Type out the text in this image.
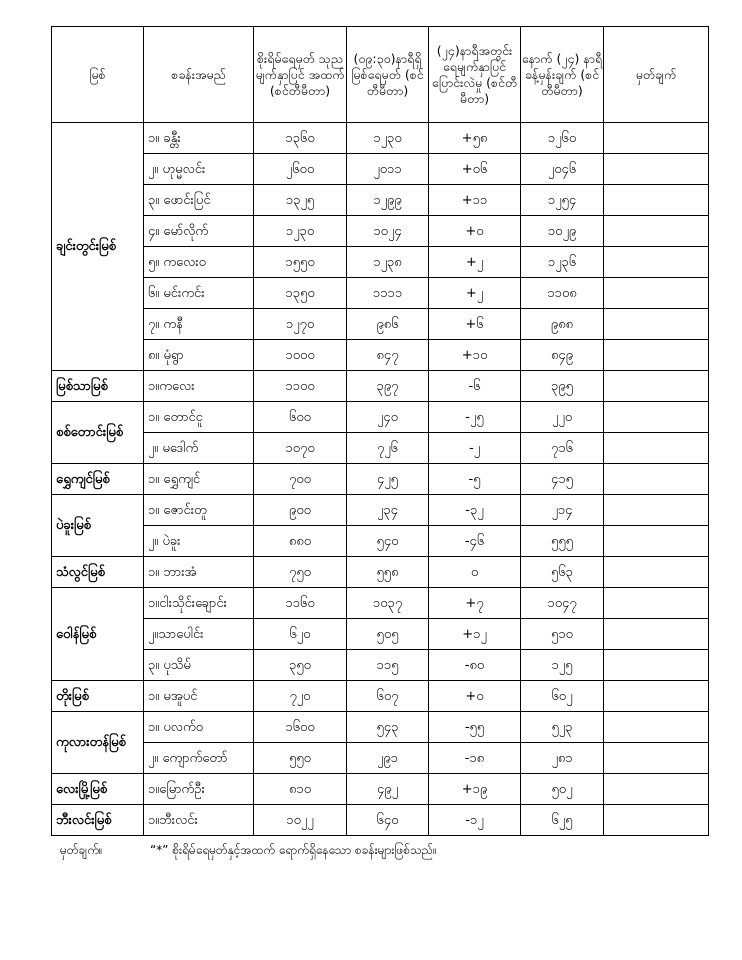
မြစ်	စခန်းအမည်	စိုးရိမ်ရေမှတ် သုညမျက်နှာပြင် အထက် (စင်တီမီတာ)	(၀၉:၃၀)နာရီရှိ မြစ်ရေမှတ် (စင်တီမီတာ)	(၂၄)နာရီအတွင်း ရေမျက်နှာပြင် ပြောင်းလဲမှု (စင်တီမီတာ)	နောက် (၂၄) နာရီ ခန့်မှန်းချက် (စင်တီမီတာ)	မှတ်ချက်
ချင်းတွင်းမြစ်	၁။ ခန္တီး	၁၃၆၀	၁၂၃၀	+၅၈	၁၂၆၀	
	၂။ ဟုမ္မလင်း	၂၆၀၀	၂၀၁၁	+၀၆	၂၀၄၆	
	၃။ ဖောင်းပြင်	၁၃၂၅	၁၂၉၉	+၁၁	၁၂၅၄	
	၄။ မော်လိုက်	၁၂၃၀	၁၀၂၄	+၀	၁၀၂၉	
	၅။ ကလေးဝ	၁၅၅၀	၁၂၃၈	+၂	၁၂၃၆	
	၆။ မင်းကင်း	၁၃၅၀	၁၁၁၁	+၂	၁၁၀၈	
	၇။ ကနီ	၁၂၇၀	၉၈၆	+၆	၉၈၈	
	၈။ မုံရွာ	၁၀၀၀	၈၄၇	+၁၀	၈၄၉	
မြစ်သာမြစ်	၁။ကလေး	၁၁၀၀	၃၉၇	-၆	၃၉၅	
စစ်တောင်းမြစ်	၁။ တောင်ငူ	၆၀၀	၂၄၀	-၂၅	၂၂၀	
	၂။ မဒေါက်	၁၀၇၀	၇၂၆	-၂	၇၁၆	
ရွှေကျင်မြစ်	၁။ ရွှေကျင်	၇၀၀	၄၂၅	-၅	၄၁၅	
ပဲခူးမြစ်	၁။ ဇောင်းတူ	၉၀၀	၂၃၄	-၃၂	၂၁၄	
	၂။ ပဲခူး	၈၈၀	၅၄၀	-၄၆	၅၅၅	
သံလွင်မြစ်	၁။ ဘားအံ	၇၅၀	၅၅၈	၀	၅၆၃	
ဝေါန်မြစ်	၁။ငါးသိုင်းချောင်း	၁၁၆၀	၁၀၃၇	+၇	၁၀၄၇	
	၂။သာပေါင်း	၆၂၀	၅၀၅	+၁၂	၅၁၀	
	၃။ ပုသိမ်	၃၅၀	၁၁၅	-၈၀	၁၂၅	
တိုးမြစ်	၁။ မအူပင်	၇၂၀	၆၀၇	+၀	၆၀၂	
ကုလားတန်မြစ်	၁။ ပလက်ဝ	၁၆၀၀	၅၄၃	-၅၅	၅၂၃	
	၂။ ကျောက်တော်	၅၅၀	၂၉၁	-၁၈	၂၈၁	
လေးမြို့မြစ်	၁။မြောက်ဦး	၈၁၀	၄၉၂	+၁၉	၅၀၂	
ဘီးလင်းမြစ်	၁။ဘီးလင်း	၁၀၂၂	၆၄၀	-၁၂	၆၂၅	
မှတ်ချက်။	“*” စိုးရိမ်ရေမှတ်နှင့်အထက် ရောက်ရှိနေသော စခန်းများဖြစ်သည်။
